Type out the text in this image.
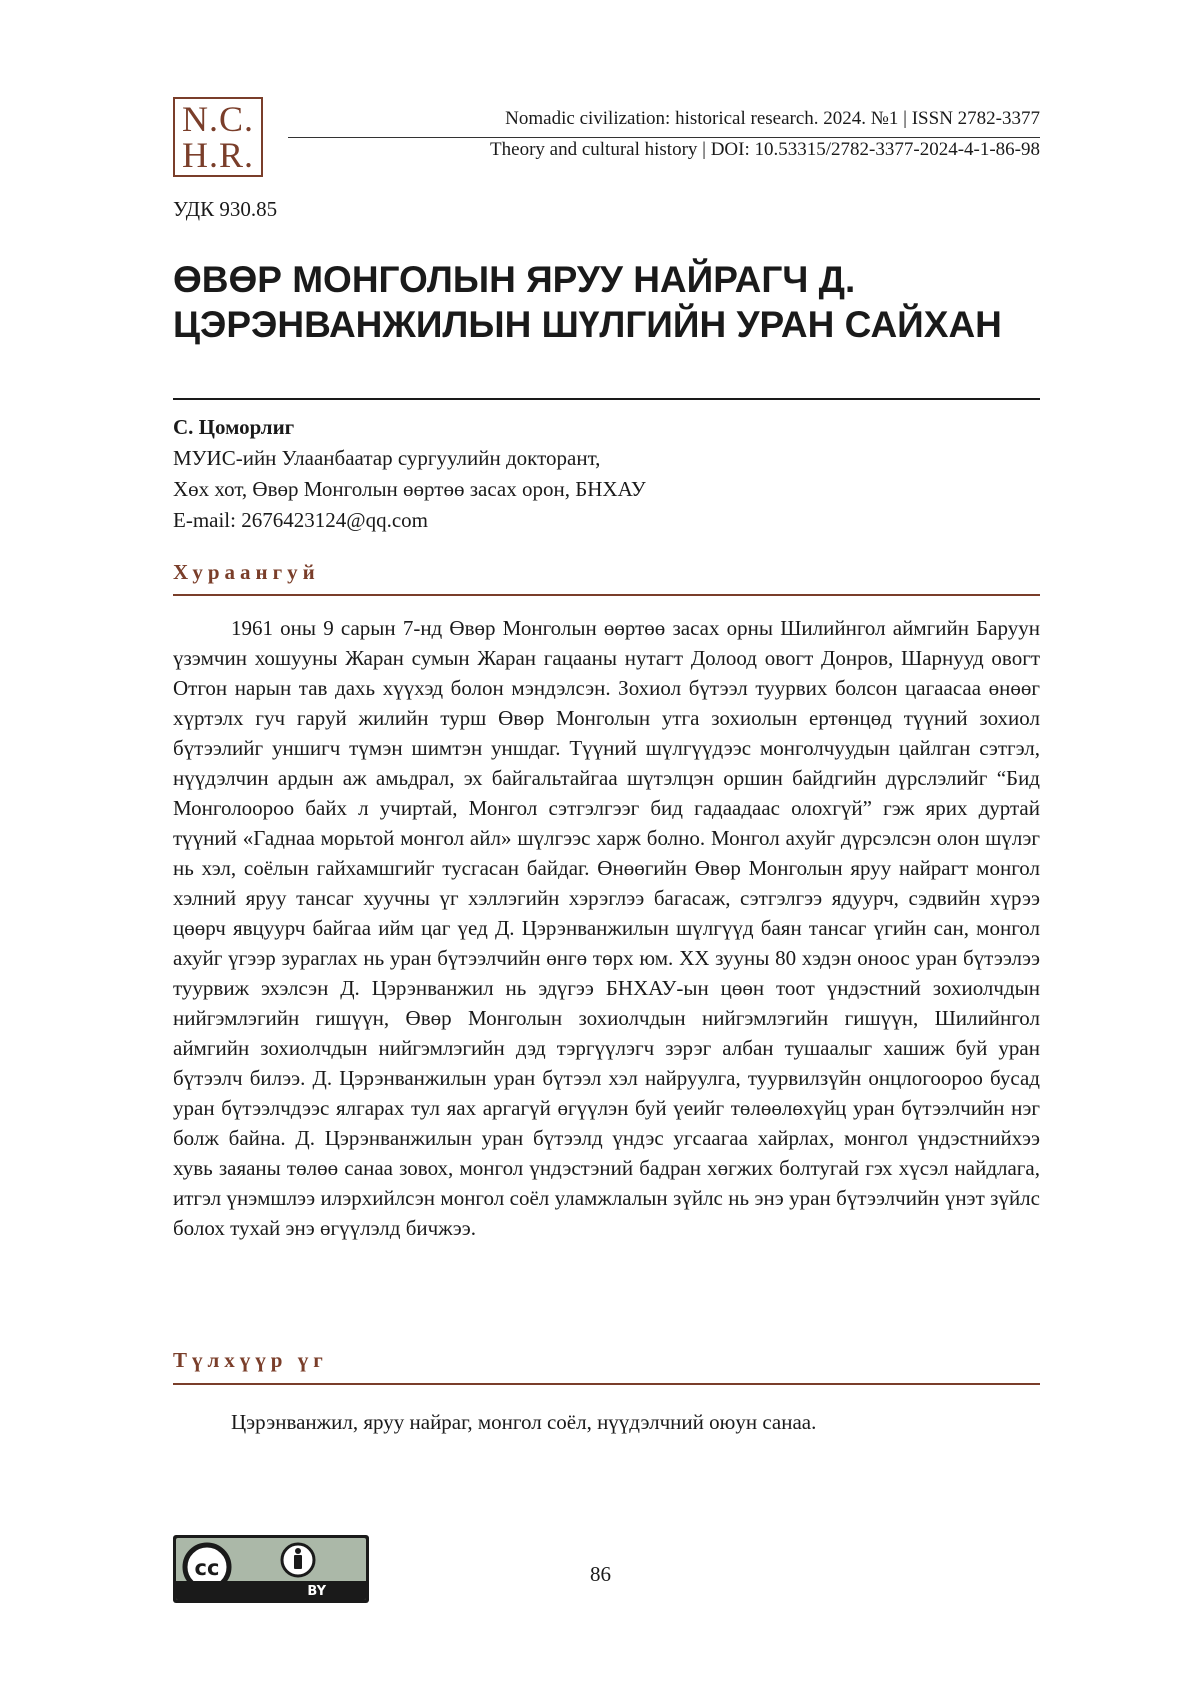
N.C.
H.R.
Nomadic civilization: historical research. 2024. №1 | ISSN 2782-3377
Theory and cultural history | DOI: 10.53315/2782-3377-2024-4-1-86-98
УДК 930.85
ӨВӨР МОНГОЛЫН ЯРУУ НАЙРАГЧ Д. ЦЭРЭНВАНЖИЛЫН ШҮЛГИЙН УРАН САЙХАН
С. Цоморлиг
МУИС-ийн Улаанбаатар сургуулийн докторант,
Хөх хот, Өвөр Монголын өөртөө засах орон, БНХАУ
E-mail: 2676423124@qq.com
Хураангуй

1961 оны 9 сарын 7-нд Өвөр Монголын өөртөө засах орны Шилийнгол аймгийн Баруун үзэмчин хошууны Жаран сумын Жаран гацааны нутагт Долоод овогт Донров, Шарнууд овогт Отгон нарын тав дахь хүүхэд болон мэндэлсэн. Зохиол бүтээл туурвих болсон цагаасаа өнөөг хүртэлх гуч гаруй жилийн турш Өвөр Монголын утга зохиолын ертөнцөд түүний зохиол бүтээлийг уншигч түмэн шимтэн уншдаг. Түүний шүлгүүдээс монголчуудын цайлган сэтгэл, нүүдэлчин ардын аж амьдрал, эх байгальтайгаа шүтэлцэн оршин байдгийн дүрслэлийг “Бид Монголоороо байх л учиртай, Монгол сэтгэлгээг бид гадаадаас олохгүй” гэж ярих дуртай түүний «Гаднаа морьтой монгол айл» шүлгээс харж болно. Монгол ахуйг дүрсэлсэн олон шүлэг нь хэл, соёлын гайхамшгийг тусгасан байдаг. Өнөөгийн Өвөр Монголын яруу найрагт монгол хэлний яруу тансаг хуучны үг хэллэгийн хэрэглээ багасаж, сэтгэлгээ ядуурч, сэдвийн хүрээ цөөрч явцуурч байгаа ийм цаг үед Д. Цэрэнванжилын шүлгүүд баян тансаг үгийн сан, монгол ахуйг үгээр зураглах нь уран бүтээлчийн өнгө төрх юм. XX зууны 80 хэдэн оноос уран бүтээлээ туурвиж эхэлсэн Д. Цэрэнванжил нь эдүгээ БНХАУ-ын цөөн тоот үндэстний зохиолчдын нийгэмлэгийн гишүүн, Өвөр Монголын зохиолчдын нийгэмлэгийн гишүүн, Шилийнгол аймгийн зохиолчдын нийгэмлэгийн дэд тэргүүлэгч зэрэг албан тушаалыг хашиж буй уран бүтээлч билээ. Д. Цэрэнванжилын уран бүтээл хэл найруулга, туурвилзүйн онцлогоороо бусад уран бүтээлчдээс ялгарах тул яах аргагүй өгүүлэн буй үеийг төлөөлөхүйц уран бүтээлчийн нэг болж байна. Д. Цэрэнванжилын уран бүтээлд үндэс угсаагаа хайрлах, монгол үндэстнийхээ хувь заяаны төлөө санаа зовох, монгол үндэстэний бадран хөгжих болтугай гэх хүсэл найдлага, итгэл үнэмшлээ илэрхийлсэн монгол соёл уламжлалын зүйлс нь энэ уран бүтээлчийн үнэт зүйлс болох тухай энэ өгүүлэлд бичжээ.

Түлхүүр үг
Цэрэнванжил, яруу найраг, монгол соёл, нүүдэлчний оюун санаа.
cc
BY
86
